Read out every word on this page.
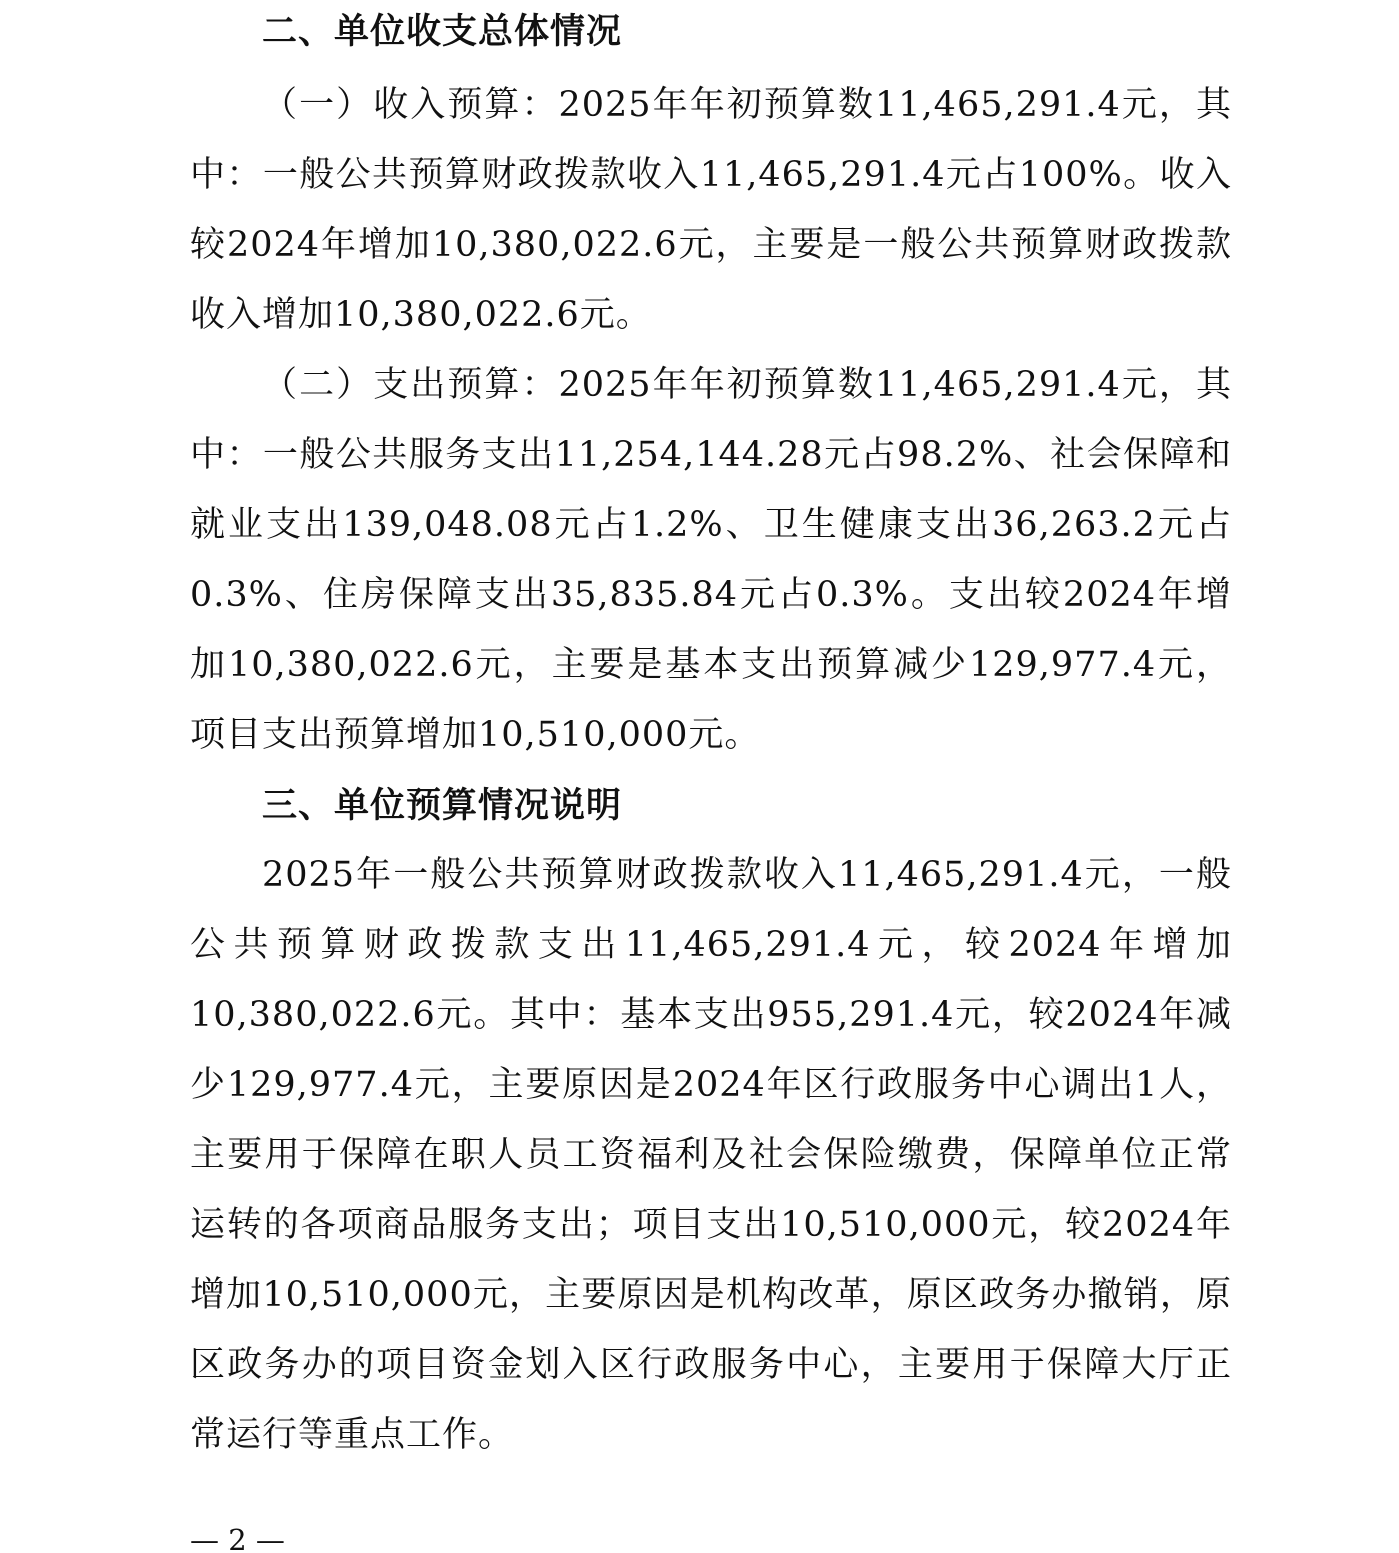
二、单位收支总体情况

（一）收入预算：2025年年初预算数11,465,291.4元，其中：一般公共预算财政拨款收入11,465,291.4元占100%。收入较2024年增加10,380,022.6元，主要是一般公共预算财政拨款收入增加10,380,022.6元。

（二）支出预算：2025年年初预算数11,465,291.4元，其中：一般公共服务支出11,254,144.28元占98.2%、社会保障和就业支出139,048.08元占1.2%、卫生健康支出36,263.2元占0.3%、住房保障支出35,835.84元占0.3%。支出较2024年增加10,380,022.6元，主要是基本支出预算减少129,977.4元，项目支出预算增加10,510,000元。

三、单位预算情况说明

2025年一般公共预算财政拨款收入11,465,291.4元，一般公共预算财政拨款支出11,465,291.4元，较2024年增加10,380,022.6元。其中：基本支出955,291.4元，较2024年减少129,977.4元，主要原因是2024年区行政服务中心调出1人，主要用于保障在职人员工资福利及社会保险缴费，保障单位正常运转的各项商品服务支出；项目支出10,510,000元，较2024年增加10,510,000元，主要原因是机构改革，原区政务办撤销，原区政务办的项目资金划入区行政服务中心，主要用于保障大厅正常运行等重点工作。

— 2 —
